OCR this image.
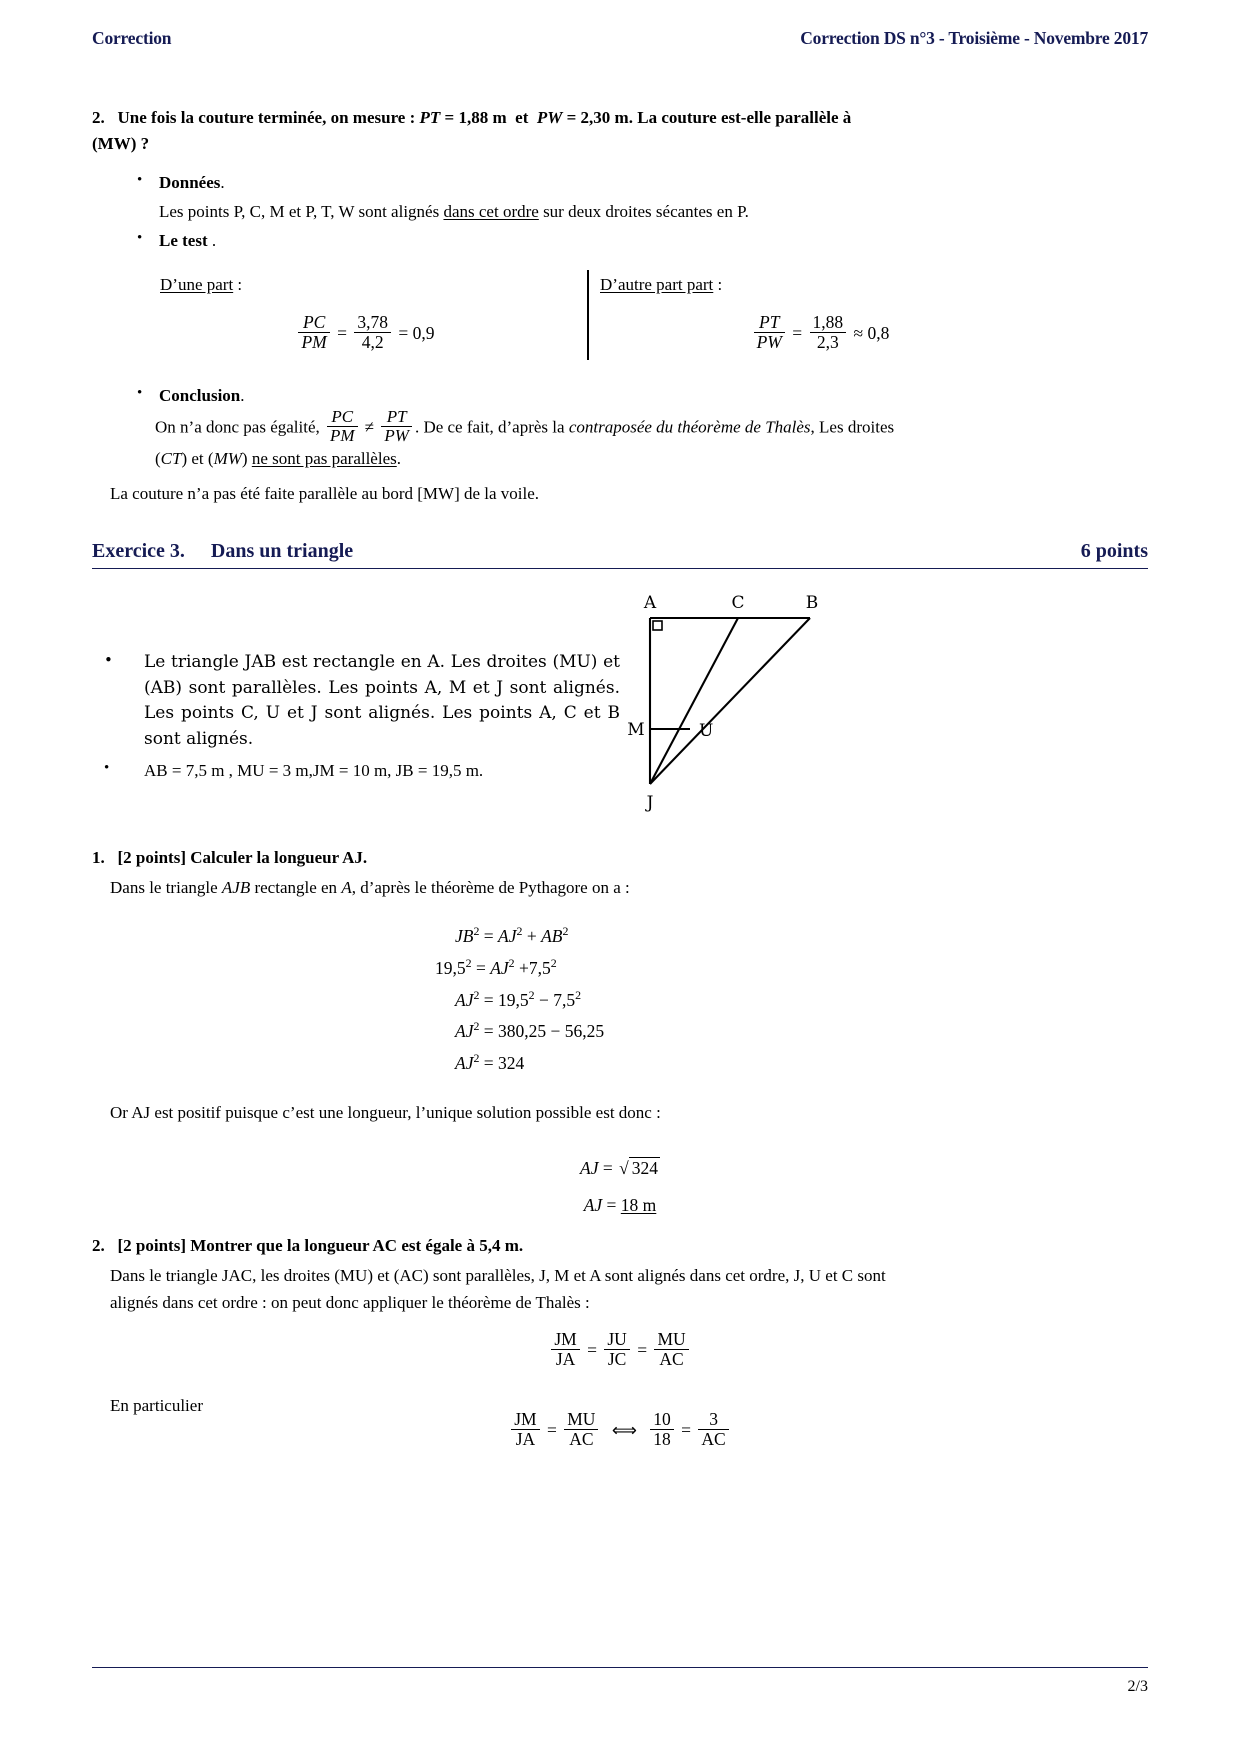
Correction	Correction DS n°3 - Troisième - Novembre 2017
2. Une fois la couture terminée, on mesure : PT = 1,88 m et PW = 2,30 m. La couture est-elle parallèle à
(MW) ?
• Données.
Les points P, C, M et P, T, W sont alignés dans cet ordre sur deux droites sécantes en P.
• Le test .
D’une part :
$\frac{PC}{PM} = \frac{3,78}{4,2} = 0,9$
D’autre part part :
$\frac{PT}{PW} = \frac{1,88}{2,3} \approx 0,8$
• Conclusion.
On n’a donc pas égalité, $\frac{PC}{PM} \ne \frac{PT}{PW}$ . De ce fait, d’après la contraposée du théorème de Thalès, Les droites
(CT) et (MW) ne sont pas parallèles.
La couture n’a pas été faite parallèle au bord [MW] de la voile.
Exercice 3. Dans un triangle	6 points
A	C	B
M	U
J
• Le triangle JAB est rectangle en A. Les droites (MU) et (AB) sont parallèles. Les points A, M et J sont alignés. Les points C, U et J sont alignés. Les points A, C et B sont alignés.
• AB = 7,5 m , MU = 3 m,JM = 10 m, JB = 19,5 m.
1. [2 points] Calculer la longueur AJ.
Dans le triangle AJB rectangle en A, d’après le théorème de Pythagore on a :
$JB^2 = AJ^2 + AB^2$
$19,5^2 = AJ^2 +7,5^2$
$AJ^2 = 19,5^2 - 7,5^2$
$AJ^2 = 380,25 - 56,25$
$AJ^2 = 324$
Or AJ est positif puisque c’est une longueur, l’unique solution possible est donc :
AJ = √ 324
AJ = 18 m
2. [2 points] Montrer que la longueur AC est égale à 5,4 m.
Dans le triangle JAC, les droites (MU) et (AC) sont parallèles, J, M et A sont alignés dans cet ordre, J, U et C sont
alignés dans cet ordre : on peut donc appliquer le théorème de Thalès :
$\frac{JM}{JA} = \frac{JU}{JC} = \frac{MU}{AC}$
En particulier
$\frac{JM}{JA} = \frac{MU}{AC}$ ⟺ $\frac{10}{18} = \frac{3}{AC}$
2/3
